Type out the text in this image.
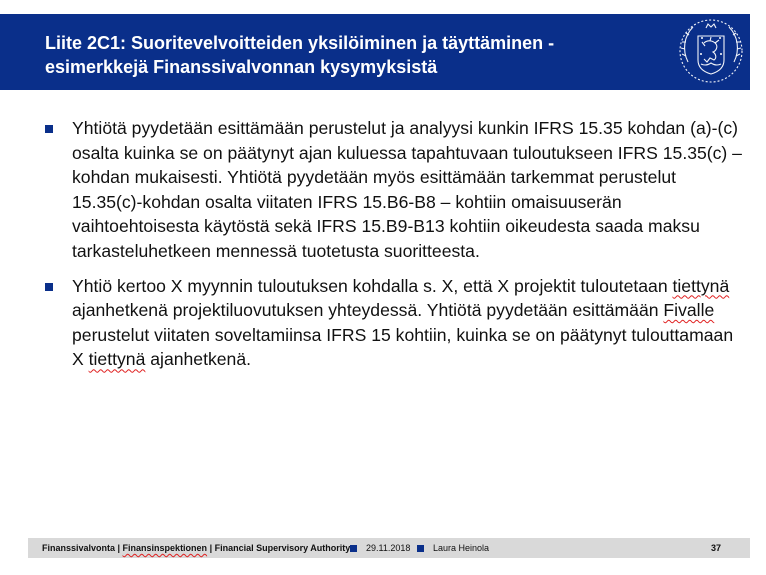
Liite 2C1: Suoritevelvoitteiden yksilöiminen ja täyttäminen -
esimerkkejä Finanssivalvonnan kysymyksistä
Yhtiötä pyydetään esittämään perustelut ja analyysi kunkin IFRS 15.35 kohdan (a)-(c) osalta kuinka se on päätynyt ajan kuluessa tapahtuvaan tuloutukseen IFRS 15.35(c) –kohdan mukaisesti. Yhtiötä pyydetään myös esittämään tarkemmat perustelut 15.35(c)-kohdan osalta viitaten IFRS 15.B6-B8 – kohtiin omaisuuserän vaihtoehtoisesta käytöstä sekä IFRS 15.B9-B13 kohtiin oikeudesta saada maksu tarkasteluhetkeen mennessä tuotetusta suoritteesta.
Yhtiö kertoo X myynnin tuloutuksen kohdalla s. X, että X projektit tuloutetaan tiettynä ajanhetkenä projektiluovutuksen yhteydessä. Yhtiötä pyydetään esittämään Fivalle perustelut viitaten soveltamiinsa IFRS 15 kohtiin, kuinka se on päätynyt tulouttamaan X tiettynä ajanhetkenä.
Finanssivalvonta | Finansinspektionen | Financial Supervisory Authority 29.11.2018	Laura Heinola	37
